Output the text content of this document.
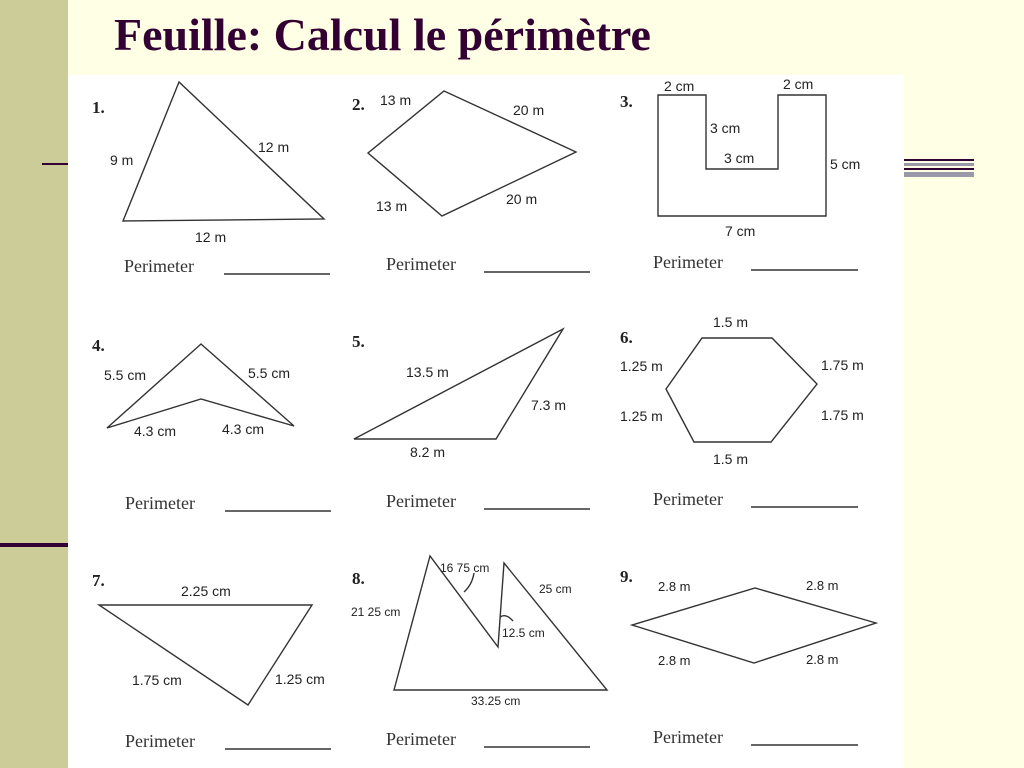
Feuille: Calcul le périmètre
1.
9 m
12 m
12 m
Perimeter
2. 13 m
20 m
13 m	20 m
Perimeter
3.
2 cm	2 cm
3 cm
3 cm	5 cm
7 cm
Perimeter
4.
5.5 cm	5.5 cm
4.3 cm	4.3 cm
Perimeter
5.
13.5 m
7.3 m
8.2 m
Perimeter
6.
1.5 m
1.25 m	1.75 m
1.25 m	1.75 m
1.5 m
Perimeter
7.
2.25 cm
1.75 cm	1.25 cm
Perimeter
8.
16 75 cm
21 25 cm
25 cm
12.5 cm
33.25 cm
Perimeter
9.
2.8 m	2.8 m
2.8 m	2.8 m
Perimeter
